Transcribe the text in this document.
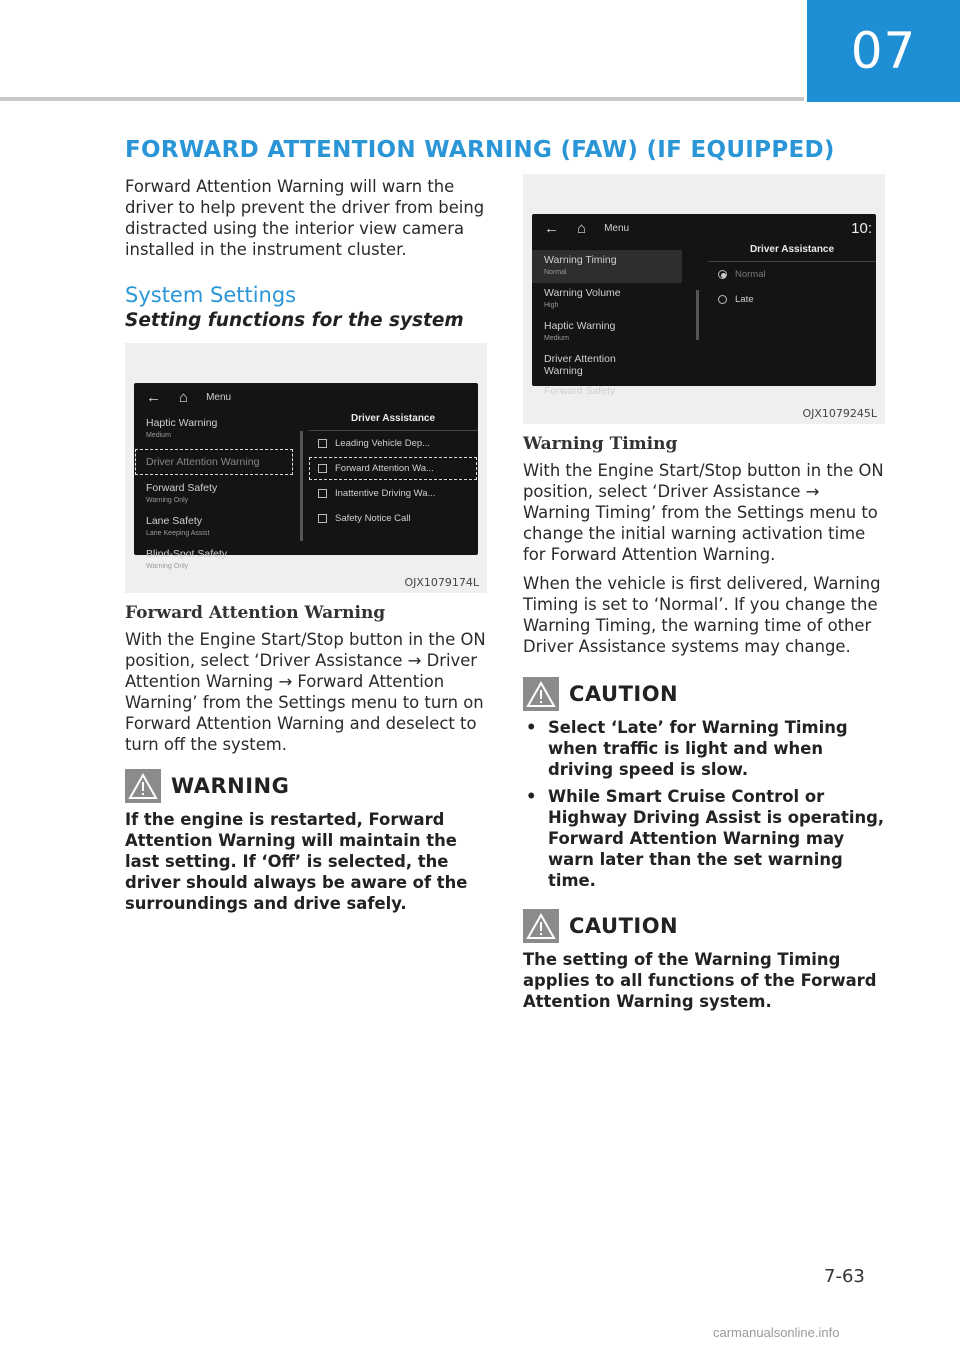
07
FORWARD ATTENTION WARNING (FAW) (IF EQUIPPED)

Forward Attention Warning will warn the driver to help prevent the driver from being distracted using the interior view camera installed in the instrument cluster.

System Settings
Setting functions for the system
← ⌂ Menu
Haptic Warning
Medium
Driver Attention Warning
Forward Safety
Warning Only
Lane Safety
Lane Keeping Assist
Blind-Spot Safety
Warning Only
Driver Assistance
Leading Vehicle Dep...
Forward Attention Wa...
Inattentive Driving Wa...
Safety Notice Call
OJX1079174L
Forward Attention Warning

With the Engine Start/Stop button in the ON position, select ‘Driver Assistance → Driver Attention Warning → Forward Attention Warning’ from the Settings menu to turn on Forward Attention Warning and deselect to turn off the system.

WARNING
If the engine is restarted, Forward Attention Warning will maintain the last setting. If ‘Off’ is selected, the driver should always be aware of the surroundings and drive safely.
← ⌂ Menu	10:
Warning Timing
Normal
Warning Volume
High
Haptic Warning
Medium
Driver Attention Warning
Forward Safety
Driver Assistance
Normal
Late
OJX1079245L
Warning Timing

With the Engine Start/Stop button in the ON position, select ‘Driver Assistance → Warning Timing’ from the Settings menu to change the initial warning activation time for Forward Attention Warning.

When the vehicle is first delivered, Warning Timing is set to ‘Normal’. If you change the Warning Timing, the warning time of other Driver Assistance systems may change.

CAUTION
• Select ‘Late’ for Warning Timing when traffic is light and when driving speed is slow.
• While Smart Cruise Control or Highway Driving Assist is operating, Forward Attention Warning may warn later than the set warning time.
CAUTION
The setting of the Warning Timing applies to all functions of the Forward Attention Warning system.
7-63
carmanualsonline.info
